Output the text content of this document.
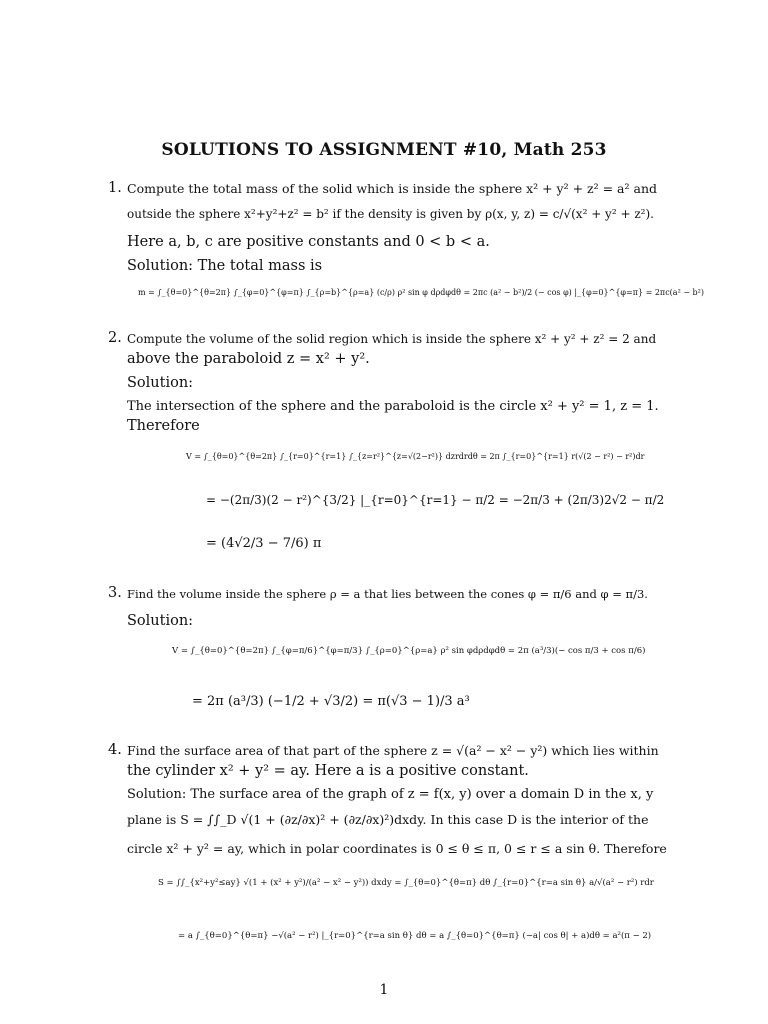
SOLUTIONS TO ASSIGNMENT #10, Math 253
1. Compute the total mass of the solid which is inside the sphere x² + y² + z² = a² and
outside the sphere x²+y²+z² = b² if the density is given by ρ(x, y, z) = c/√(x² + y² + z²).
Here a, b, c are positive constants and 0 < b < a.
Solution: The total mass is
m = ∫_{θ=0}^{θ=2π} ∫_{φ=0}^{φ=π} ∫_{ρ=b}^{ρ=a} (c/ρ) ρ² sin φ dρdφdθ = 2πc (a² − b²)/2 (− cos φ) |_{φ=0}^{φ=π} = 2πc(a² − b²)
2. Compute the volume of the solid region which is inside the sphere x² + y² + z² = 2 and
above the paraboloid z = x² + y².
Solution:
The intersection of the sphere and the paraboloid is the circle x² + y² = 1, z = 1.
Therefore
V = ∫_{θ=0}^{θ=2π} ∫_{r=0}^{r=1} ∫_{z=r²}^{z=√(2−r²)} dzrdrdθ = 2π ∫_{r=0}^{r=1} r(√(2 − r²) − r²)dr
= −(2π/3)(2 − r²)^{3/2} |_{r=0}^{r=1} − π/2 = −2π/3 + (2π/3)2√2 − π/2
= (4√2/3 − 7/6) π
3. Find the volume inside the sphere ρ = a that lies between the cones φ = π/6 and φ = π/3.
Solution:
V = ∫_{θ=0}^{θ=2π} ∫_{φ=π/6}^{φ=π/3} ∫_{ρ=0}^{ρ=a} ρ² sin φdρdφdθ = 2π (a³/3)(− cos π/3 + cos π/6)
= 2π (a³/3) (−1/2 + √3/2) = π(√3 − 1)/3 a³
4. Find the surface area of that part of the sphere z = √(a² − x² − y²) which lies within
the cylinder x² + y² = ay. Here a is a positive constant.
Solution: The surface area of the graph of z = f(x, y) over a domain D in the x, y
plane is S = ∫∫_D √(1 + (∂z/∂x)² + (∂z/∂x)²)dxdy. In this case D is the interior of the
circle x² + y² = ay, which in polar coordinates is 0 ≤ θ ≤ π, 0 ≤ r ≤ a sin θ. Therefore
S = ∫∫_{x²+y²≤ay} √(1 + (x² + y²)/(a² − x² − y²)) dxdy = ∫_{θ=0}^{θ=π} dθ ∫_{r=0}^{r=a sin θ} a/√(a² − r²) rdr
= a ∫_{θ=0}^{θ=π} −√(a² − r²) |_{r=0}^{r=a sin θ} dθ = a ∫_{θ=0}^{θ=π} (−a| cos θ| + a)dθ = a²(π − 2)
1
